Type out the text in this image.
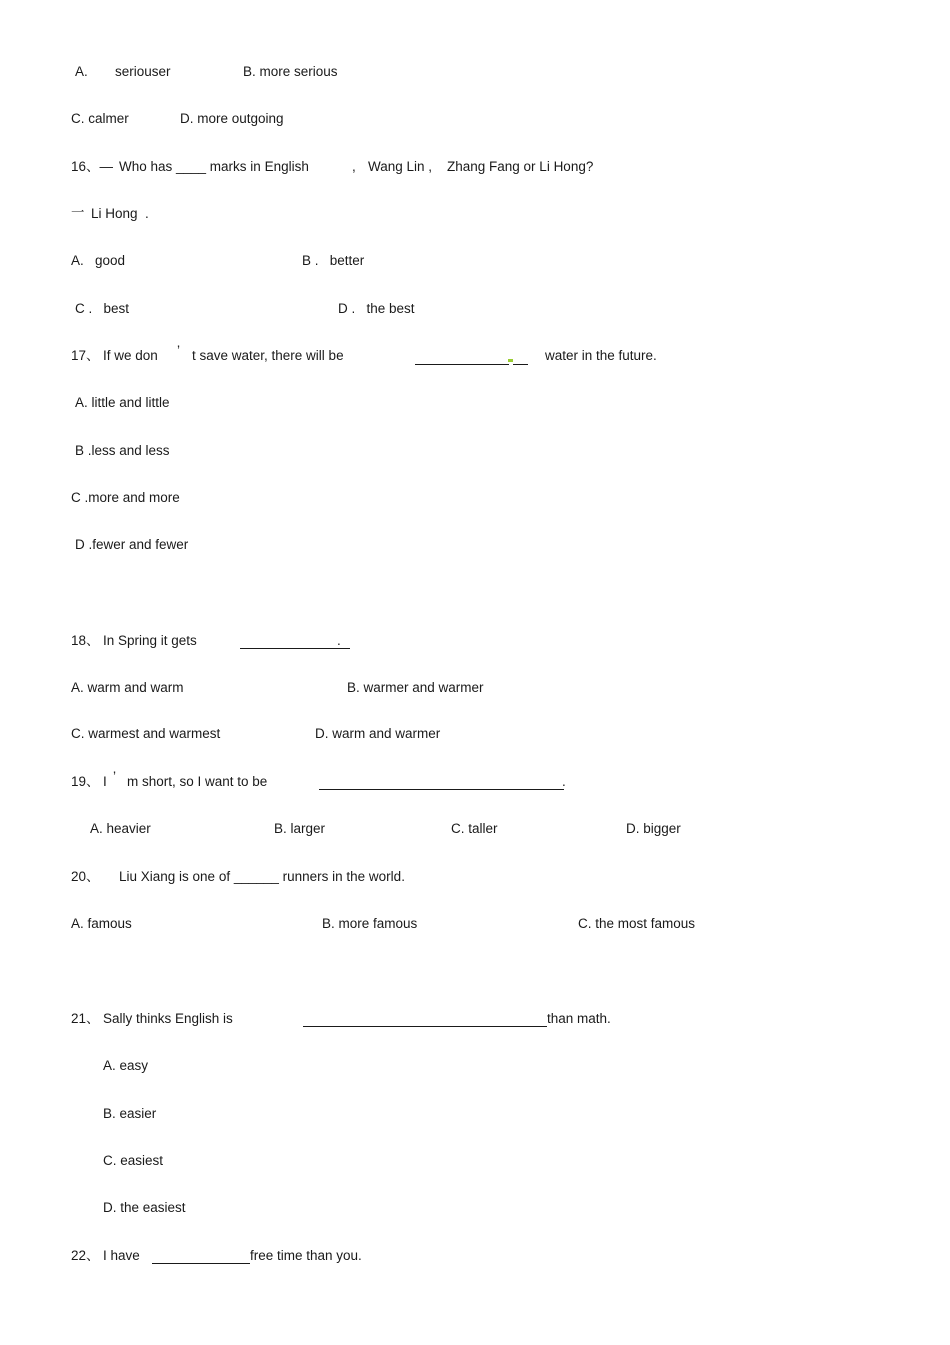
A. seriouser	B. more serious
C. calmer	D. more outgoing
16、— Who has ____ marks in English	, Wang Lin , Zhang Fang or Li Hong?
一 Li Hong  .
A.   good	B .   better
C .   best	D .   the best
17、 If we don ’ t save water, there will be	water in the future.
A. little and little
B .less and less
C .more and more
D .fewer and fewer
18、 In Spring it gets	.
A. warm and warm	B. warmer and warmer
C. warmest and warmest	D. warm and warmer
19、 I ’ m short, so I want to be	.
A. heavier	B. larger	C. taller	D. bigger
20、 Liu Xiang is one of ______ runners in the world.
A. famous	B. more famous	C. the most famous
21、 Sally thinks English is	than math.
A. easy
B. easier
C. easiest
D. the easiest
22、 I have	free time than you.
